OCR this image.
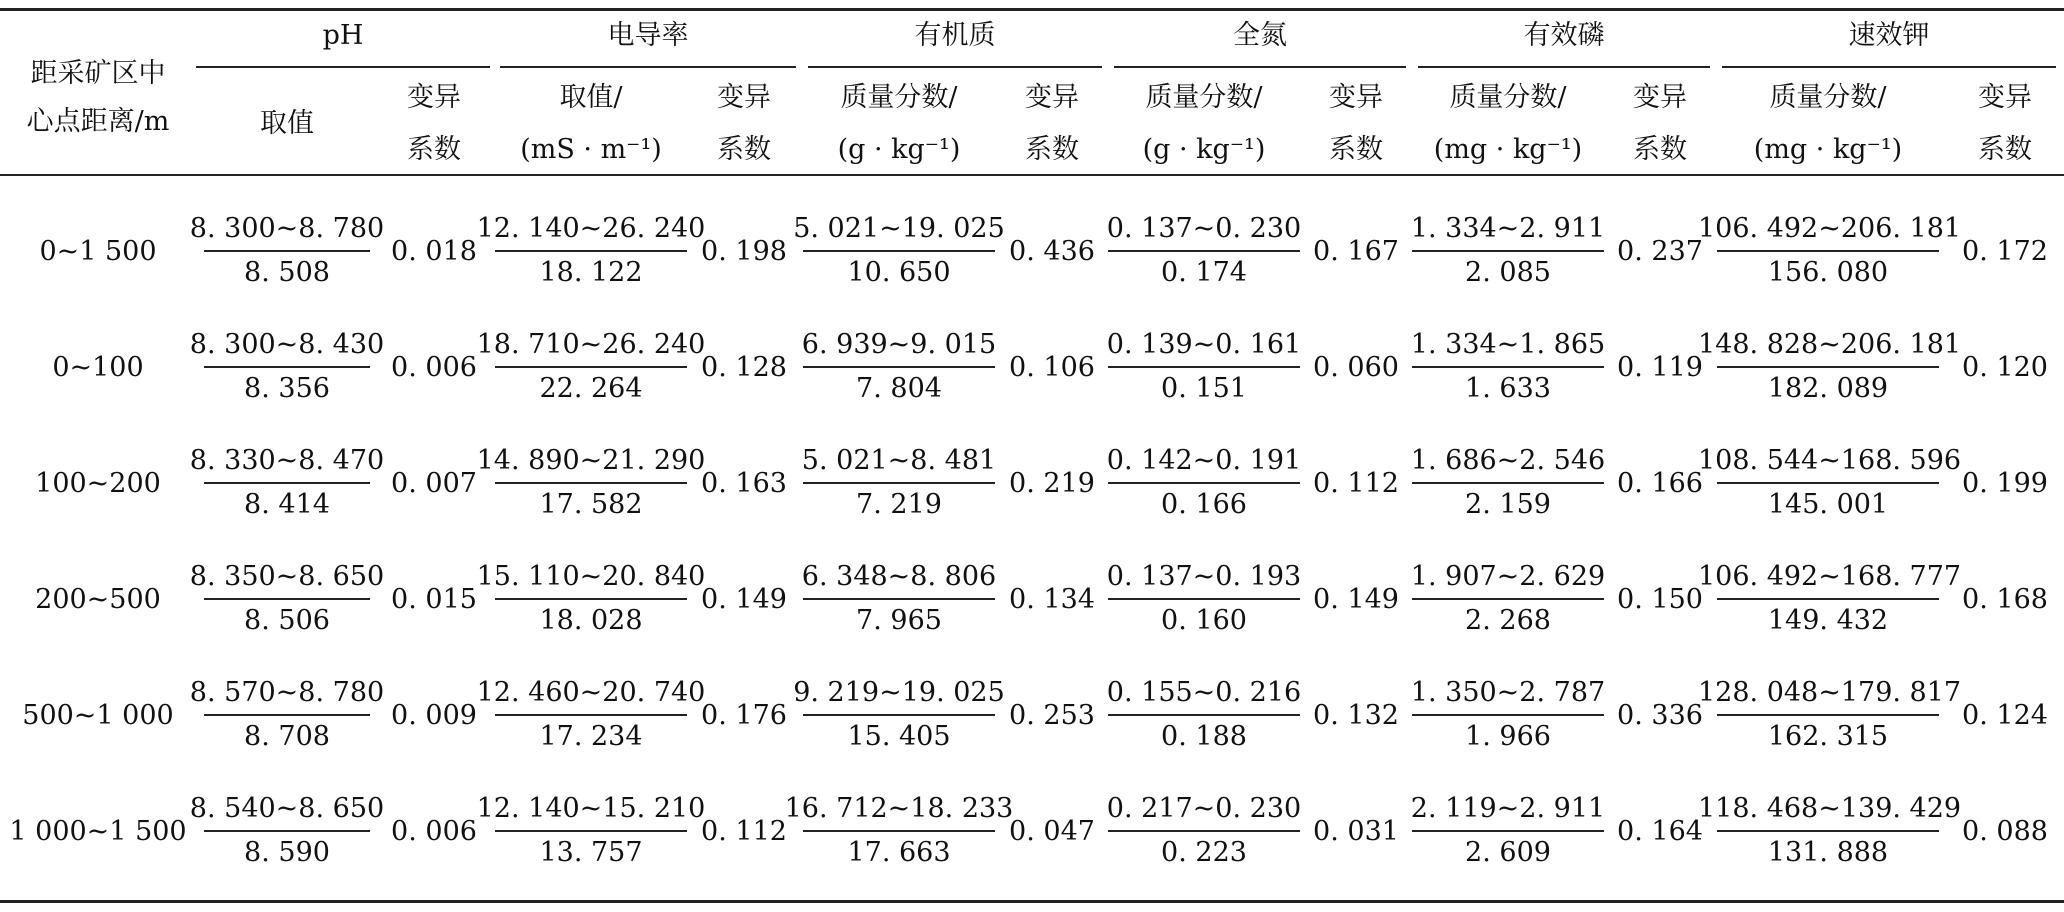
距采矿区中
心点距离/m
pH
取值
变异
系数
电导率
取值/
(mS · m⁻¹)
变异
系数
有机质
质量分数/
(g · kg⁻¹)
变异
系数
全氮
质量分数/
(g · kg⁻¹)
变异
系数
有效磷
质量分数/
(mg · kg⁻¹)
变异
系数
速效钾
质量分数/
(mg · kg⁻¹)
变异
系数
0~1 500
8. 300~8. 780
8. 508
0. 018
12. 140~26. 240
18. 122
0. 198
5. 021~19. 025
10. 650
0. 436
0. 137~0. 230
0. 174
0. 167
1. 334~2. 911
2. 085
0. 237
106. 492~206. 181
156. 080
0. 172
0~100
8. 300~8. 430
8. 356
0. 006
18. 710~26. 240
22. 264
0. 128
6. 939~9. 015
7. 804
0. 106
0. 139~0. 161
0. 151
0. 060
1. 334~1. 865
1. 633
0. 119
148. 828~206. 181
182. 089
0. 120
100~200
8. 330~8. 470
8. 414
0. 007
14. 890~21. 290
17. 582
0. 163
5. 021~8. 481
7. 219
0. 219
0. 142~0. 191
0. 166
0. 112
1. 686~2. 546
2. 159
0. 166
108. 544~168. 596
145. 001
0. 199
200~500
8. 350~8. 650
8. 506
0. 015
15. 110~20. 840
18. 028
0. 149
6. 348~8. 806
7. 965
0. 134
0. 137~0. 193
0. 160
0. 149
1. 907~2. 629
2. 268
0. 150
106. 492~168. 777
149. 432
0. 168
500~1 000
8. 570~8. 780
8. 708
0. 009
12. 460~20. 740
17. 234
0. 176
9. 219~19. 025
15. 405
0. 253
0. 155~0. 216
0. 188
0. 132
1. 350~2. 787
1. 966
0. 336
128. 048~179. 817
162. 315
0. 124
1 000~1 500
8. 540~8. 650
8. 590
0. 006
12. 140~15. 210
13. 757
0. 112
16. 712~18. 233
17. 663
0. 047
0. 217~0. 230
0. 223
0. 031
2. 119~2. 911
2. 609
0. 164
118. 468~139. 429
131. 888
0. 088
